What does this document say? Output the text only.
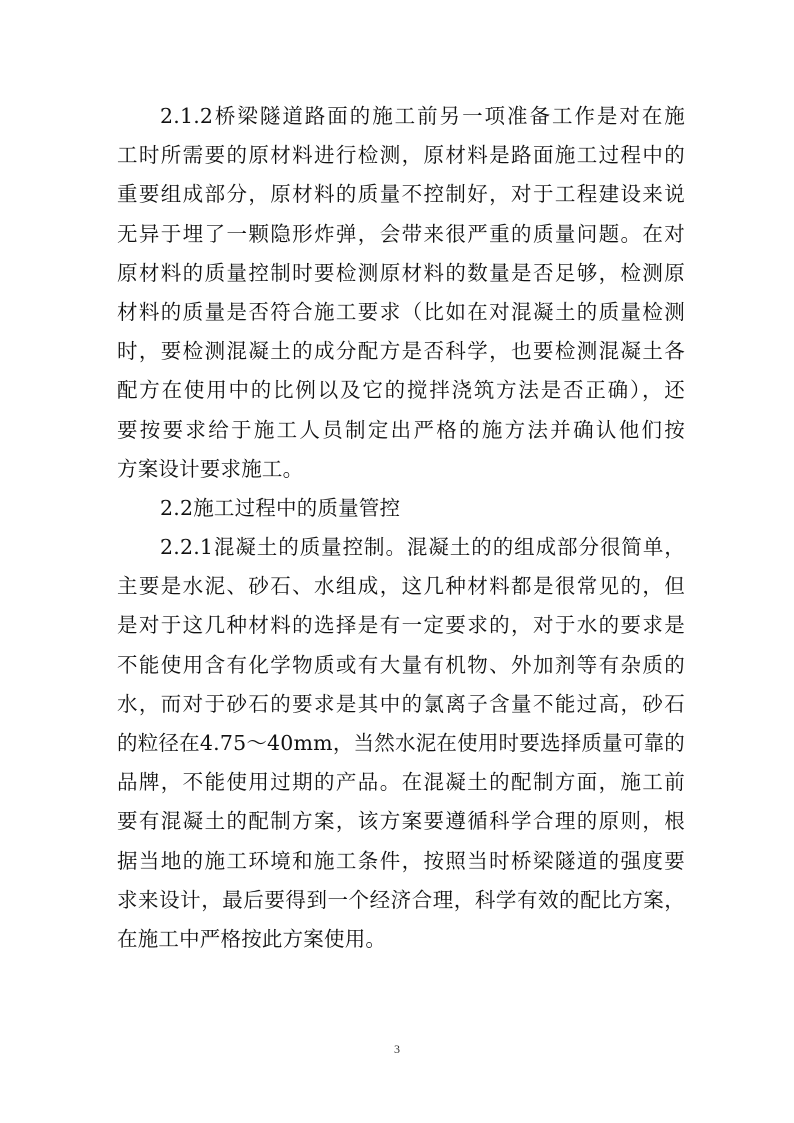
2.1.2桥梁隧道路面的施工前另一项准备工作是对在施
工时所需要的原材料进行检测，原材料是路面施工过程中的
重要组成部分，原材料的质量不控制好，对于工程建设来说
无异于埋了一颗隐形炸弹，会带来很严重的质量问题。在对
原材料的质量控制时要检测原材料的数量是否足够，检测原
材料的质量是否符合施工要求（比如在对混凝土的质量检测
时，要检测混凝土的成分配方是否科学，也要检测混凝土各
配方在使用中的比例以及它的搅拌浇筑方法是否正确），还
要按要求给于施工人员制定出严格的施方法并确认他们按
方案设计要求施工。
2.2施工过程中的质量管控
2.2.1混凝土的质量控制。混凝土的的组成部分很简单，
主要是水泥、砂石、水组成，这几种材料都是很常见的，但
是对于这几种材料的选择是有一定要求的，对于水的要求是
不能使用含有化学物质或有大量有机物、外加剂等有杂质的
水，而对于砂石的要求是其中的氯离子含量不能过高，砂石
的粒径在4.75～40mm，当然水泥在使用时要选择质量可靠的
品牌，不能使用过期的产品。在混凝土的配制方面，施工前
要有混凝土的配制方案，该方案要遵循科学合理的原则，根
据当地的施工环境和施工条件，按照当时桥梁隧道的强度要
求来设计，最后要得到一个经济合理，科学有效的配比方案，
在施工中严格按此方案使用。
3
